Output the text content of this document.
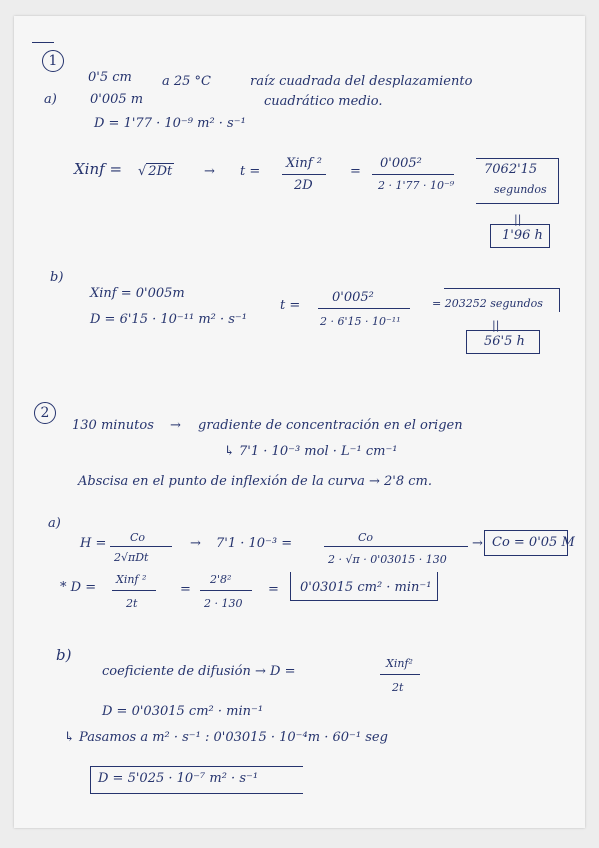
1
a)
0'5 cm
0'005 m
a 25 °C	raíz cuadrada del desplazamiento
cuadrático medio.
D = 1'77 · 10⁻⁹ m² · s⁻¹
Xinf = √ 2Dt → t =
Xinf ²
2D
=
0'005²
2 · 1'77 · 10⁻⁹
7062'15
segundos
||
1'96 h
b)
Xinf = 0'005m
D = 6'15 · 10⁻¹¹ m² · s⁻¹
t =
0'005²
2 · 6'15 · 10⁻¹¹
= 203252 segundos
||
56'5 h
2
130 minutos → gradiente de concentración en el origen
↳ 7'1 · 10⁻³ mol · L⁻¹ cm⁻¹
Abscisa en el punto de inflexión de la curva → 2'8 cm.
a)
H = Co
2√πDt
→ 7'1 · 10⁻³ =	Co
2 · √π · 0'03015 · 130
→ Co = 0'05 M
* D =
Xinf ²
2t
=
2'8²
2 · 130
= 0'03015 cm² · min⁻¹
b)
coeficiente de difusión → D =
Xinf²
2t
D = 0'03015 cm² · min⁻¹
↳ Pasamos a m² · s⁻¹ : 0'03015 · 10⁻⁴m · 60⁻¹ seg
D = 5'025 · 10⁻⁷ m² · s⁻¹
